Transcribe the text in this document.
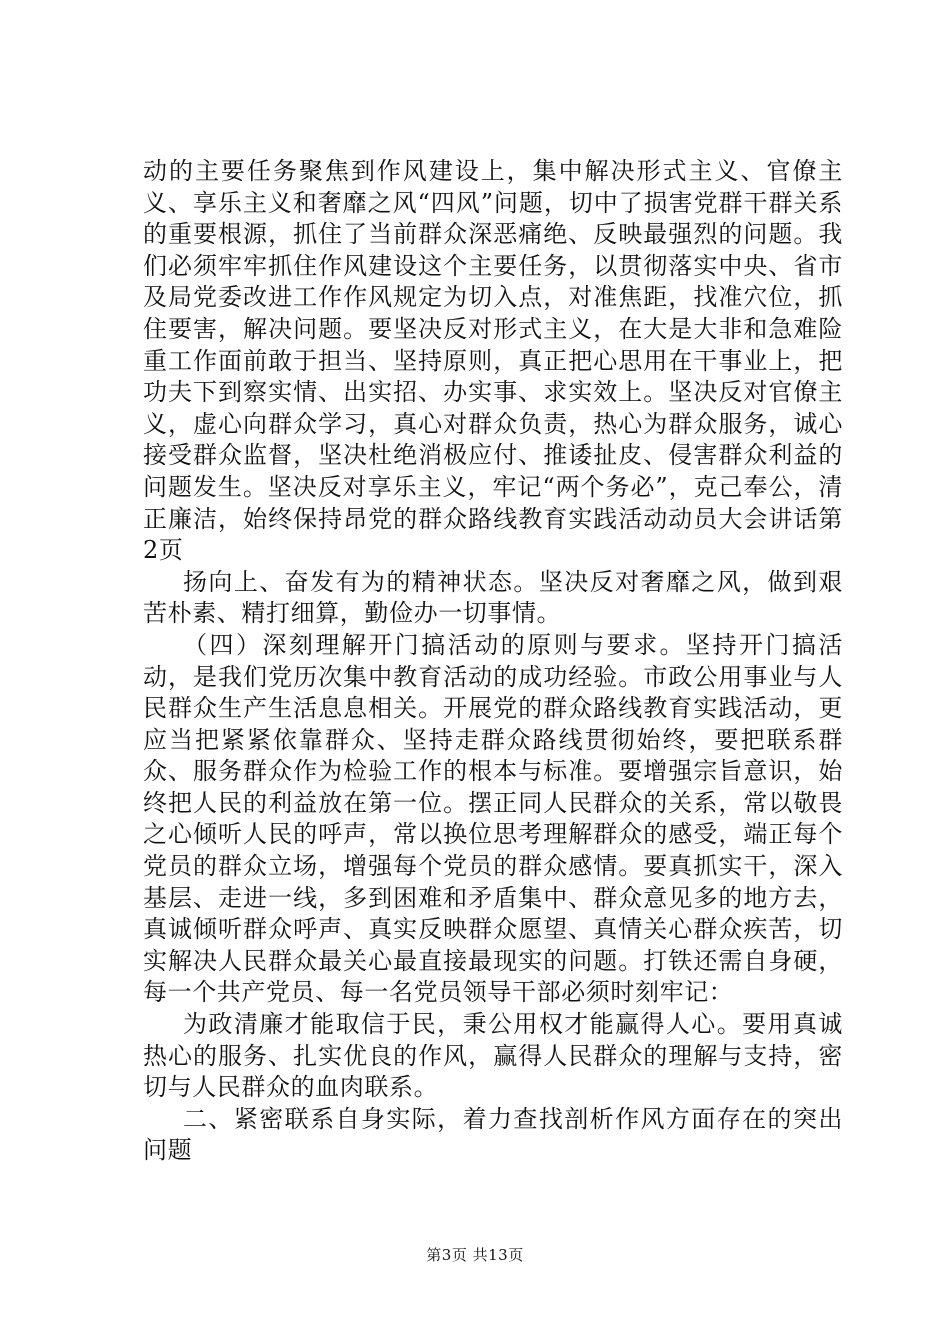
动的主要任务聚焦到作风建设上，集中解决形式主义、官僚主义、享乐主义和奢靡之风“四风”问题，切中了损害党群干群关系的重要根源，抓住了当前群众深恶痛绝、反映最强烈的问题。我们必须牢牢抓住作风建设这个主要任务，以贯彻落实中央、省市及局党委改进工作作风规定为切入点，对准焦距，找准穴位，抓住要害，解决问题。要坚决反对形式主义，在大是大非和急难险重工作面前敢于担当、坚持原则，真正把心思用在干事业上，把功夫下到察实情、出实招、办实事、求实效上。坚决反对官僚主义，虚心向群众学习，真心对群众负责，热心为群众服务，诚心接受群众监督，坚决杜绝消极应付、推诿扯皮、侵害群众利益的问题发生。坚决反对享乐主义，牢记“两个务必”，克己奉公，清正廉洁，始终保持昂党的群众路线教育实践活动动员大会讲话第2页

扬向上、奋发有为的精神状态。坚决反对奢靡之风，做到艰苦朴素、精打细算，勤俭办一切事情。

（四）深刻理解开门搞活动的原则与要求。坚持开门搞活动，是我们党历次集中教育活动的成功经验。市政公用事业与人民群众生产生活息息相关。开展党的群众路线教育实践活动，更应当把紧紧依靠群众、坚持走群众路线贯彻始终，要把联系群众、服务群众作为检验工作的根本与标准。要增强宗旨意识，始终把人民的利益放在第一位。摆正同人民群众的关系，常以敬畏之心倾听人民的呼声，常以换位思考理解群众的感受，端正每个党员的群众立场，增强每个党员的群众感情。要真抓实干，深入基层、走进一线，多到困难和矛盾集中、群众意见多的地方去，真诚倾听群众呼声、真实反映群众愿望、真情关心群众疾苦，切实解决人民群众最关心最直接最现实的问题。打铁还需自身硬，每一个共产党员、每一名党员领导干部必须时刻牢记：

为政清廉才能取信于民，秉公用权才能赢得人心。要用真诚热心的服务、扎实优良的作风，赢得人民群众的理解与支持，密切与人民群众的血肉联系。

二、紧密联系自身实际，着力查找剖析作风方面存在的突出问题

第3页 共13页
